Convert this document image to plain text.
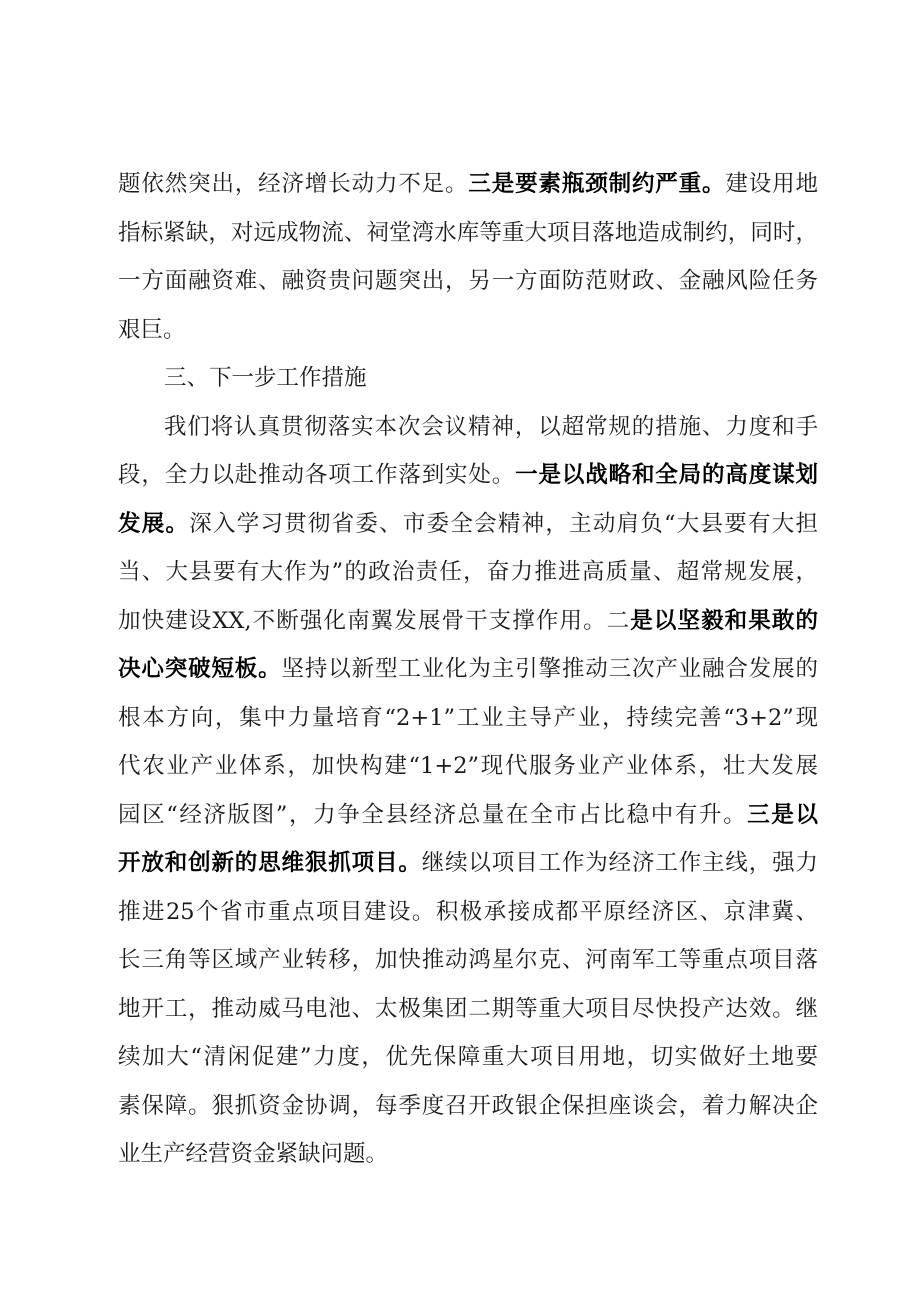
题依然突出，经济增长动力不足。三是要素瓶颈制约严重。建设用地
指标紧缺，对远成物流、祠堂湾水库等重大项目落地造成制约，同时，
一方面融资难、融资贵问题突出，另一方面防范财政、金融风险任务
艰巨。
三、下一步工作措施
我们将认真贯彻落实本次会议精神，以超常规的措施、力度和手
段，全力以赴推动各项工作落到实处。一是以战略和全局的高度谋划
发展。深入学习贯彻省委、市委全会精神，主动肩负“大县要有大担
当、大县要有大作为”的政治责任，奋力推进高质量、超常规发展，
加快建设XX,不断强化南翼发展骨干支撑作用。二是以坚毅和果敢的
决心突破短板。坚持以新型工业化为主引擎推动三次产业融合发展的
根本方向，集中力量培育“2+1”工业主导产业，持续完善“3+2”现
代农业产业体系，加快构建“1+2”现代服务业产业体系，壮大发展
园区“经济版图”，力争全县经济总量在全市占比稳中有升。三是以
开放和创新的思维狠抓项目。继续以项目工作为经济工作主线，强力
推进25个省市重点项目建设。积极承接成都平原经济区、京津冀、
长三角等区域产业转移，加快推动鸿星尔克、河南军工等重点项目落
地开工，推动威马电池、太极集团二期等重大项目尽快投产达效。继
续加大“清闲促建”力度，优先保障重大项目用地，切实做好土地要
素保障。狠抓资金协调，每季度召开政银企保担座谈会，着力解决企
业生产经营资金紧缺问题。
